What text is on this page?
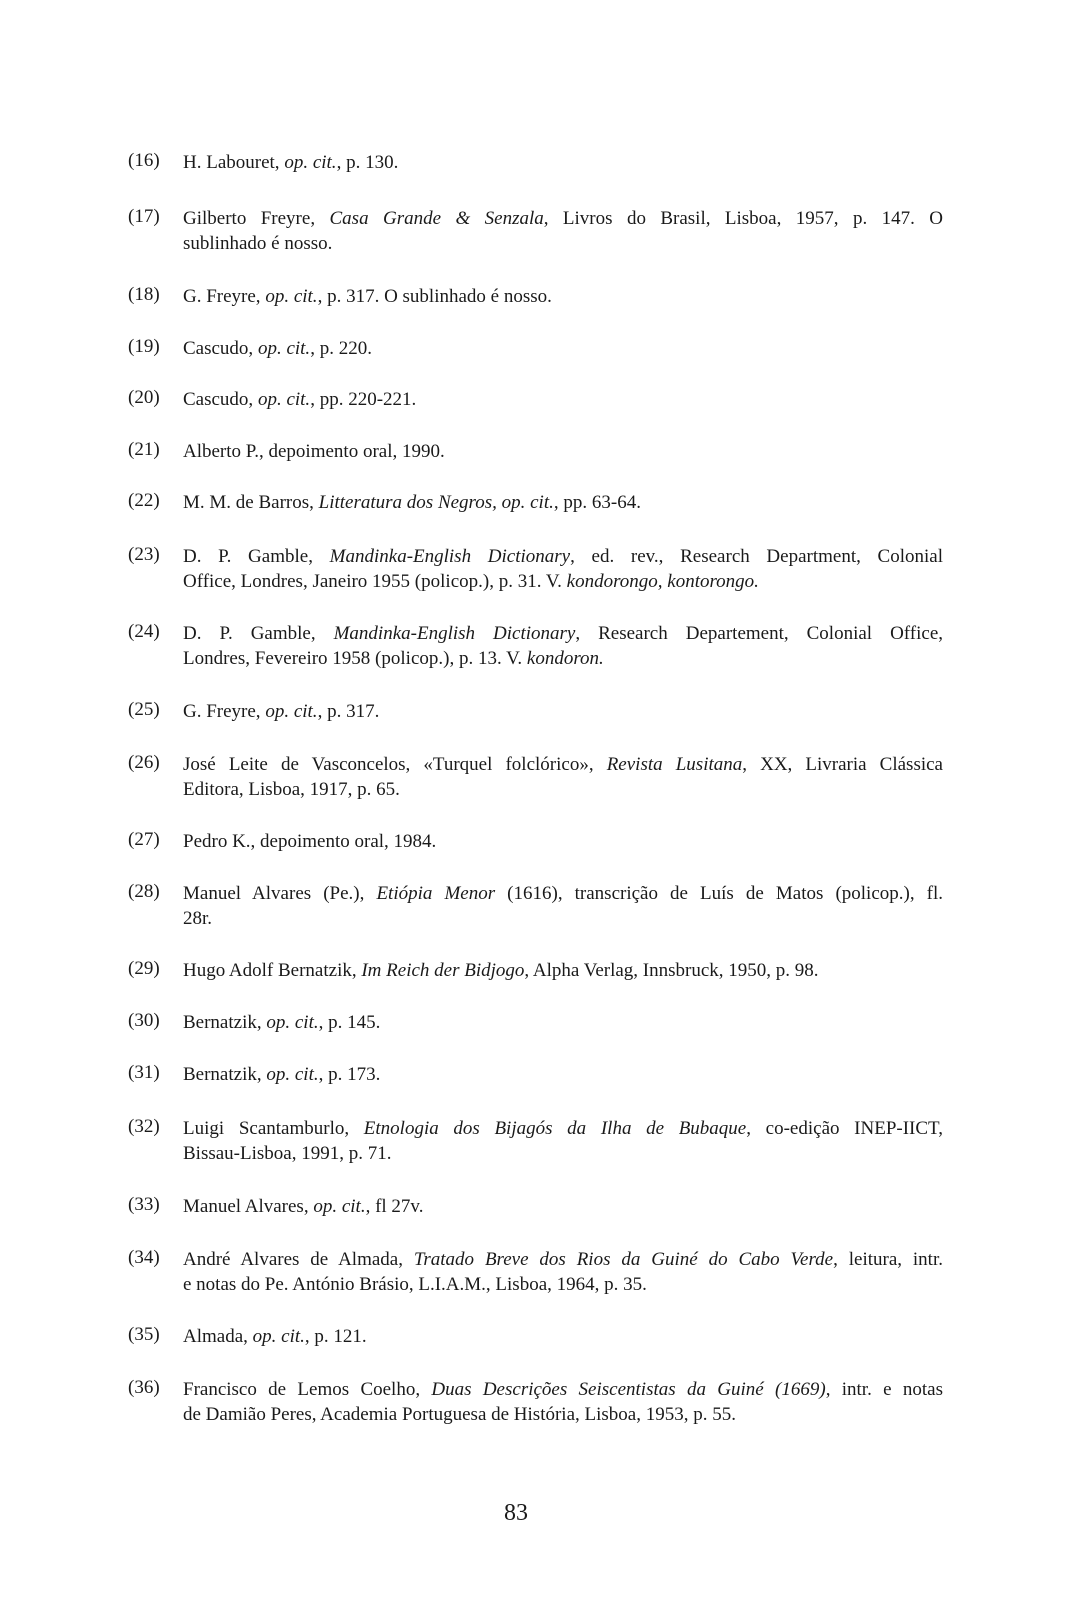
(16) H. Labouret, op. cit., p. 130.
(17) Gilberto Freyre, Casa Grande & Senzala, Livros do Brasil, Lisboa, 1957, p. 147. O
sublinhado é nosso.
(18) G. Freyre, op. cit., p. 317. O sublinhado é nosso.
(19) Cascudo, op. cit., p. 220.
(20) Cascudo, op. cit., pp. 220-221.
(21) Alberto P., depoimento oral, 1990.
(22) M. M. de Barros, Litteratura dos Negros, op. cit., pp. 63-64.
(23) D. P. Gamble, Mandinka-English Dictionary, ed. rev., Research Department, Colonial
Office, Londres, Janeiro 1955 (policop.), p. 31. V. kondorongo, kontorongo.
(24) D. P. Gamble, Mandinka-English Dictionary, Research Departement, Colonial Office,
Londres, Fevereiro 1958 (policop.), p. 13. V. kondoron.
(25) G. Freyre, op. cit., p. 317.
(26) José Leite de Vasconcelos, «Turquel folclórico», Revista Lusitana, XX, Livraria Clássica
Editora, Lisboa, 1917, p. 65.
(27) Pedro K., depoimento oral, 1984.
(28) Manuel Alvares (Pe.), Etiópia Menor (1616), transcrição de Luís de Matos (policop.), fl.
28r.
(29) Hugo Adolf Bernatzik, Im Reich der Bidjogo, Alpha Verlag, Innsbruck, 1950, p. 98.
(30) Bernatzik, op. cit., p. 145.
(31) Bernatzik, op. cit., p. 173.
(32) Luigi Scantamburlo, Etnologia dos Bijagós da Ilha de Bubaque, co-edição INEP-IICT,
Bissau-Lisboa, 1991, p. 71.
(33) Manuel Alvares, op. cit., fl 27v.
(34) André Alvares de Almada, Tratado Breve dos Rios da Guiné do Cabo Verde, leitura, intr.
e notas do Pe. António Brásio, L.I.A.M., Lisboa, 1964, p. 35.
(35) Almada, op. cit., p. 121.
(36) Francisco de Lemos Coelho, Duas Descrições Seiscentistas da Guiné (1669), intr. e notas
de Damião Peres, Academia Portuguesa de História, Lisboa, 1953, p. 55.
83
